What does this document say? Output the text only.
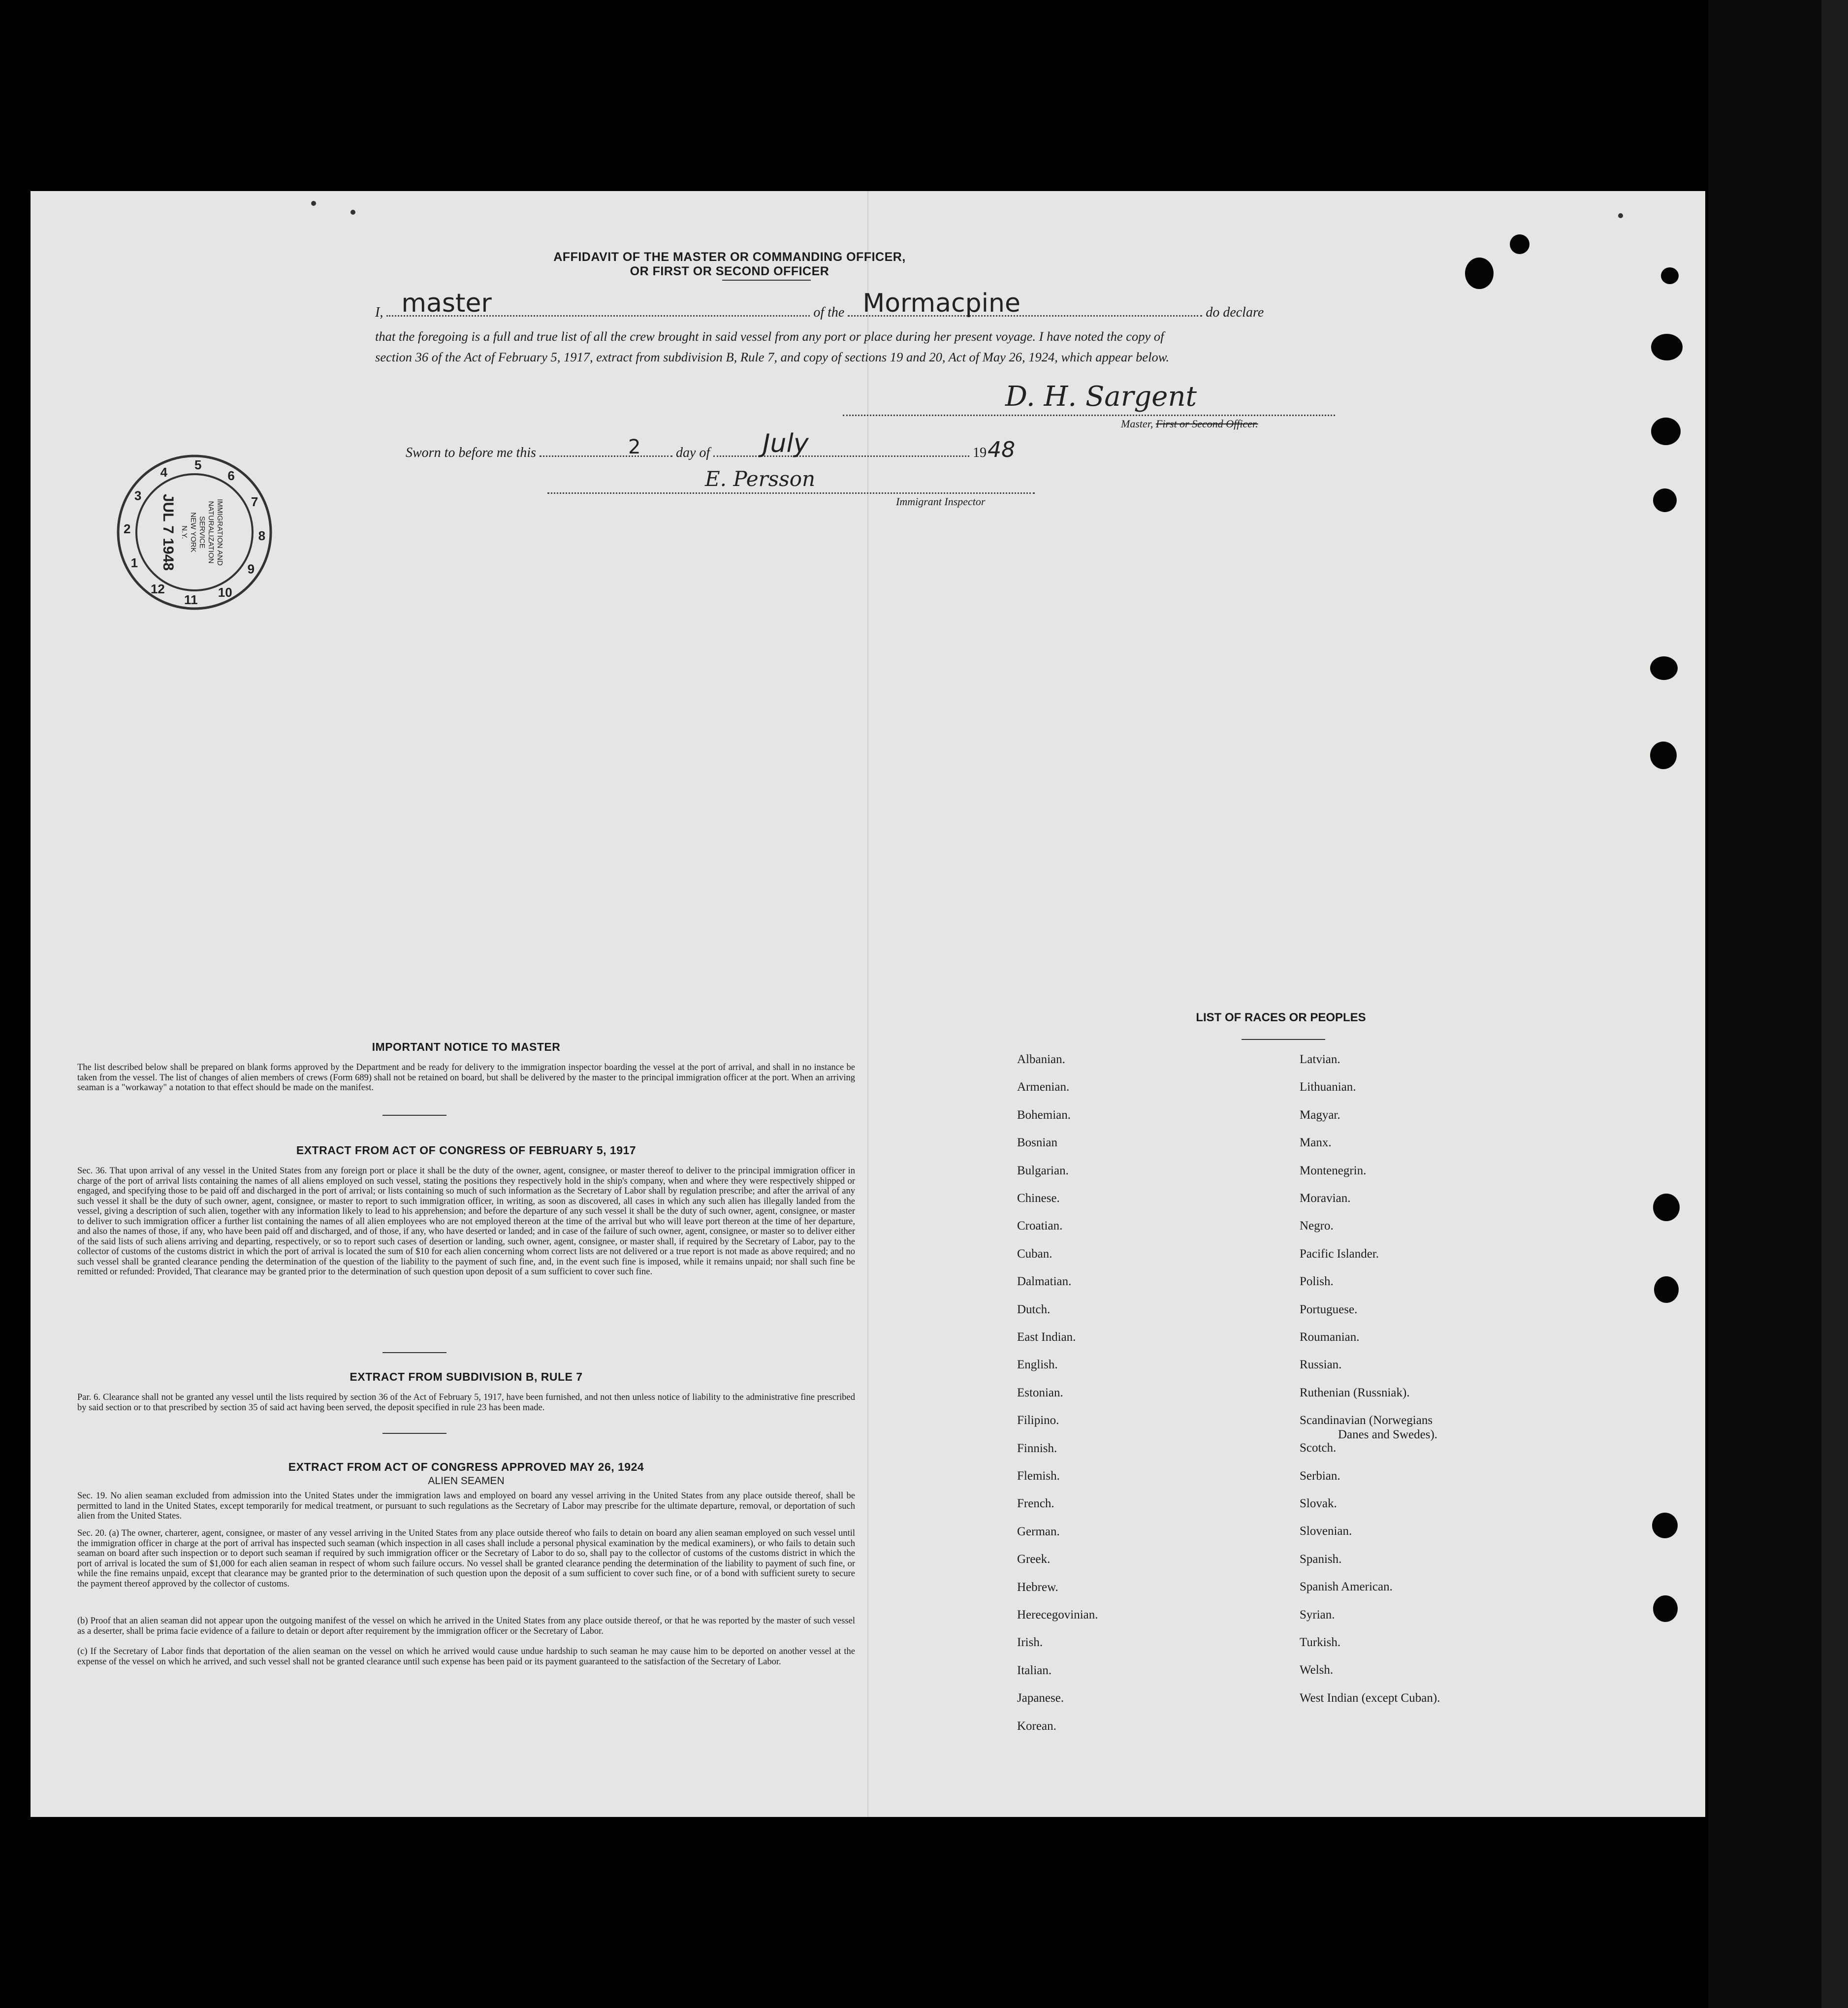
AFFIDAVIT OF THE MASTER OR COMMANDING OFFICER, OR FIRST OR SECOND OFFICER
I, master	of the Mormacpine	do declare
that the foregoing is a full and true list of all the crew brought in said vessel from any port or place during her present voyage. I have noted the copy of
section 36 of the Act of February 5, 1917, extract from subdivision B, Rule 7, and copy of sections 19 and 20, Act of May 26, 1924, which appear below.
D. H. Sargent
Master, First or Second Officer.
Sworn to before me this	2	day of July	1948
E. Persson
Immigrant Inspector
1
2
3
4 5
6
7
8
9
10
11
12
IMMIGRATION AND
NATURALIZATION
SERVICE
NEW YORK
N.Y.
JUL 7 1948
IMPORTANT NOTICE TO MASTER
The list described below shall be prepared on blank forms approved by the Department and be ready for delivery to the immigration inspector boarding the vessel at the port of arrival, and shall in no instance be taken from the vessel. The list of changes of alien members of crews (Form 689) shall not be retained on board, but shall be delivered by the master to the principal immigration officer at the port. When an arriving seaman is a "workaway" a notation to that effect should be made on the manifest.
EXTRACT FROM ACT OF CONGRESS OF FEBRUARY 5, 1917
Sec. 36. That upon arrival of any vessel in the United States from any foreign port or place it shall be the duty of the owner, agent, consignee, or master thereof to deliver to the principal immigration officer in charge of the port of arrival lists containing the names of all aliens employed on such vessel, stating the positions they respectively hold in the ship's company, when and where they were respectively shipped or engaged, and specifying those to be paid off and discharged in the port of arrival; or lists containing so much of such information as the Secretary of Labor shall by regulation prescribe; and after the arrival of any such vessel it shall be the duty of such owner, agent, consignee, or master to report to such immigration officer, in writing, as soon as discovered, all cases in which any such alien has illegally landed from the vessel, giving a description of such alien, together with any information likely to lead to his apprehension; and before the departure of any such vessel it shall be the duty of such owner, agent, consignee, or master to deliver to such immigration officer a further list containing the names of all alien employees who are not employed thereon at the time of the arrival but who will leave port thereon at the time of her departure, and also the names of those, if any, who have been paid off and discharged, and of those, if any, who have deserted or landed; and in case of the failure of such owner, agent, consignee, or master so to deliver either of the said lists of such aliens arriving and departing, respectively, or so to report such cases of desertion or landing, such owner, agent, consignee, or master shall, if required by the Secretary of Labor, pay to the collector of customs of the customs district in which the port of arrival is located the sum of $10 for each alien concerning whom correct lists are not delivered or a true report is not made as above required; and no such vessel shall be granted clearance pending the determination of the question of the liability to the payment of such fine, and, in the event such fine is imposed, while it remains unpaid; nor shall such fine be remitted or refunded: Provided, That clearance may be granted prior to the determination of such question upon deposit of a sum sufficient to cover such fine.
EXTRACT FROM SUBDIVISION B, RULE 7
Par. 6. Clearance shall not be granted any vessel until the lists required by section 36 of the Act of February 5, 1917, have been furnished, and not then unless notice of liability to the administrative fine prescribed by said section or to that prescribed by section 35 of said act having been served, the deposit specified in rule 23 has been made.
EXTRACT FROM ACT OF CONGRESS APPROVED MAY 26, 1924
ALIEN SEAMEN
Sec. 19. No alien seaman excluded from admission into the United States under the immigration laws and employed on board any vessel arriving in the United States from any place outside thereof, shall be permitted to land in the United States, except temporarily for medical treatment, or pursuant to such regulations as the Secretary of Labor may prescribe for the ultimate departure, removal, or deportation of such alien from the United States.
Sec. 20. (a) The owner, charterer, agent, consignee, or master of any vessel arriving in the United States from any place outside thereof who fails to detain on board any alien seaman employed on such vessel until the immigration officer in charge at the port of arrival has inspected such seaman (which inspection in all cases shall include a personal physical examination by the medical examiners), or who fails to detain such seaman on board after such inspection or to deport such seaman if required by such immigration officer or the Secretary of Labor to do so, shall pay to the collector of customs of the customs district in which the port of arrival is located the sum of $1,000 for each alien seaman in respect of whom such failure occurs. No vessel shall be granted clearance pending the determination of the liability to payment of such fine, or while the fine remains unpaid, except that clearance may be granted prior to the determination of such question upon the deposit of a sum sufficient to cover such fine, or of a bond with sufficient surety to secure the payment thereof approved by the collector of customs.
(b) Proof that an alien seaman did not appear upon the outgoing manifest of the vessel on which he arrived in the United States from any place outside thereof, or that he was reported by the master of such vessel as a deserter, shall be prima facie evidence of a failure to detain or deport after requirement by the immigration officer or the Secretary of Labor.
(c) If the Secretary of Labor finds that deportation of the alien seaman on the vessel on which he arrived would cause undue hardship to such seaman he may cause him to be deported on another vessel at the expense of the vessel on which he arrived, and such vessel shall not be granted clearance until such expense has been paid or its payment guaranteed to the satisfaction of the Secretary of Labor.
LIST OF RACES OR PEOPLES
Albanian.
Armenian.
Bohemian.
Bosnian
Bulgarian.
Chinese.
Croatian.
Cuban.
Dalmatian.
Dutch.
East Indian.
English.
Estonian.
Filipino.
Finnish.
Flemish.
French.
German.
Greek.
Hebrew.
Herecegovinian.
Irish.
Italian.
Japanese.
Korean.
Latvian.
Lithuanian.
Magyar.
Manx.
Montenegrin.
Moravian.
Negro.
Pacific Islander.
Polish.
Portuguese.
Roumanian.
Russian.
Ruthenian (Russniak).
Scandinavian (Norwegians
Danes and Swedes).
Scotch.
Serbian.
Slovak.
Slovenian.
Spanish.
Spanish American.
Syrian.
Turkish.
Welsh.
West Indian (except Cuban).
